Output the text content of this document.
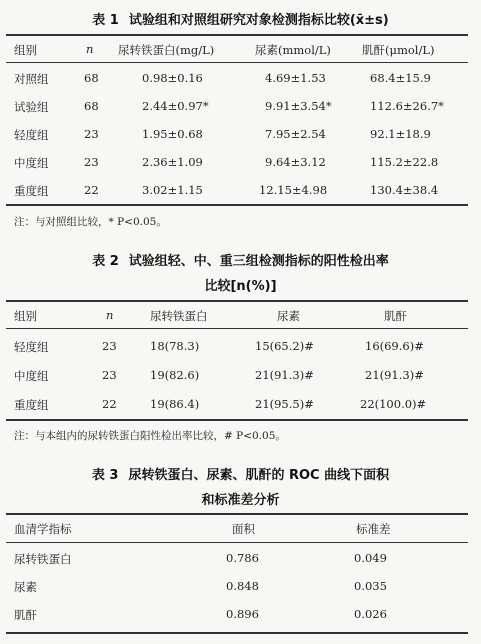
表 1 试验组和对照组研究对象检测指标比较(x̄±s)
组别	n 尿转铁蛋白(mg/L)	尿素(mmol/L)	肌酐(μmol/L)
对照组	68	0.98±0.16	4.69±1.53	68.4±15.9
试验组	68	2.44±0.97*	9.91±3.54*	112.6±26.7*
轻度组	23	1.95±0.68	7.95±2.54	92.1±18.9
中度组	23	2.36±1.09	9.64±3.12	115.2±22.8
重度组	22	3.02±1.15	12.15±4.98	130.4±38.4
注：与对照组比较，* P<0.05。
表 2 试验组轻、中、重三组检测指标的阳性检出率
比较[n(%)]
组别	n	尿转铁蛋白	尿素	肌酐
轻度组	23	18(78.3)	15(65.2)#	16(69.6)#
中度组	23	19(82.6)	21(91.3)#	21(91.3)#
重度组	22	19(86.4)	21(95.5)#	22(100.0)#
注：与本组内的尿转铁蛋白阳性检出率比较，# P<0.05。
表 3 尿转铁蛋白、尿素、肌酐的 ROC 曲线下面积
和标准差分析
血清学指标	面积	标准差
尿转铁蛋白	0.786	0.049
尿素	0.848	0.035
肌酐	0.896	0.026
